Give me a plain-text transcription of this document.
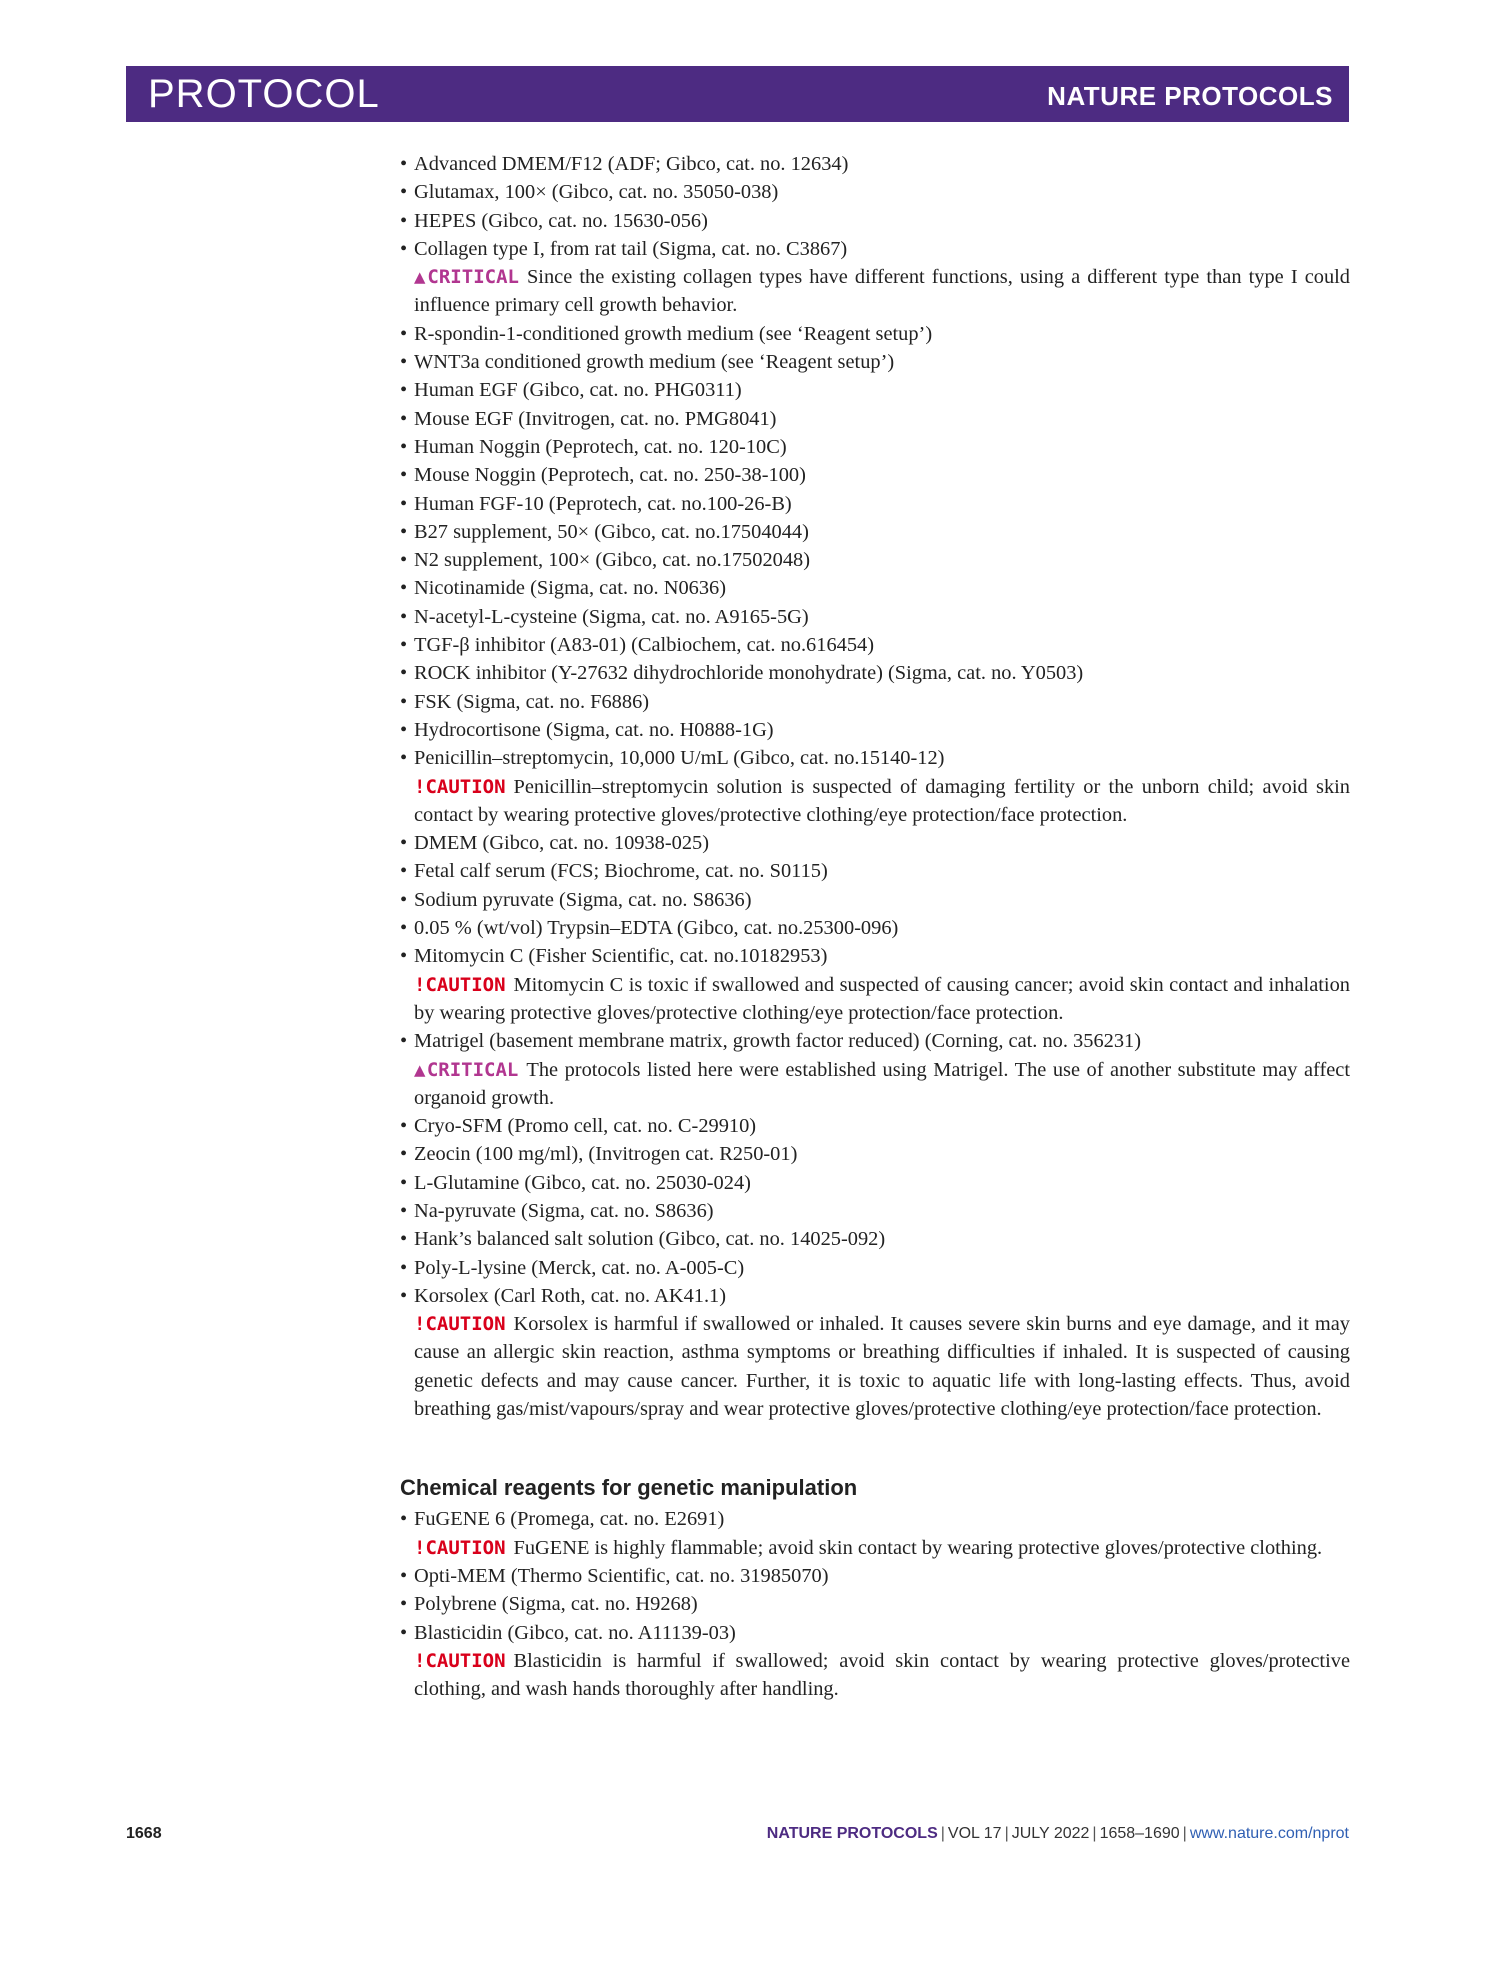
PROTOCOL	NATURE PROTOCOLS
• Advanced DMEM/F12 (ADF; Gibco, cat. no. 12634)
• Glutamax, 100× (Gibco, cat. no. 35050-038)
• HEPES (Gibco, cat. no. 15630-056)
• Collagen type I, from rat tail (Sigma, cat. no. C3867)
▲CRITICAL Since the existing collagen types have different functions, using a different type than type I could influence primary cell growth behavior.
• R-spondin-1-conditioned growth medium (see ‘Reagent setup’)
• WNT3a conditioned growth medium (see ‘Reagent setup’)
• Human EGF (Gibco, cat. no. PHG0311)
• Mouse EGF (Invitrogen, cat. no. PMG8041)
• Human Noggin (Peprotech, cat. no. 120-10C)
• Mouse Noggin (Peprotech, cat. no. 250-38-100)
• Human FGF-10 (Peprotech, cat. no.100-26-B)
• B27 supplement, 50× (Gibco, cat. no.17504044)
• N2 supplement, 100× (Gibco, cat. no.17502048)
• Nicotinamide (Sigma, cat. no. N0636)
• N-acetyl-L-cysteine (Sigma, cat. no. A9165-5G)
• TGF-β inhibitor (A83-01) (Calbiochem, cat. no.616454)
• ROCK inhibitor (Y-27632 dihydrochloride monohydrate) (Sigma, cat. no. Y0503)
• FSK (Sigma, cat. no. F6886)
• Hydrocortisone (Sigma, cat. no. H0888-1G)
• Penicillin–streptomycin, 10,000 U/mL (Gibco, cat. no.15140-12)
!CAUTION Penicillin–streptomycin solution is suspected of damaging fertility or the unborn child; avoid skin contact by wearing protective gloves/protective clothing/eye protection/face protection.
• DMEM (Gibco, cat. no. 10938-025)
• Fetal calf serum (FCS; Biochrome, cat. no. S0115)
• Sodium pyruvate (Sigma, cat. no. S8636)
• 0.05 % (wt/vol) Trypsin–EDTA (Gibco, cat. no.25300-096)
• Mitomycin C (Fisher Scientific, cat. no.10182953)
!CAUTION Mitomycin C is toxic if swallowed and suspected of causing cancer; avoid skin contact and inhalation by wearing protective gloves/protective clothing/eye protection/face protection.
• Matrigel (basement membrane matrix, growth factor reduced) (Corning, cat. no. 356231)
▲CRITICAL The protocols listed here were established using Matrigel. The use of another substitute may affect organoid growth.
• Cryo-SFM (Promo cell, cat. no. C-29910)
• Zeocin (100 mg/ml), (Invitrogen cat. R250-01)
• L-Glutamine (Gibco, cat. no. 25030-024)
• Na-pyruvate (Sigma, cat. no. S8636)
• Hank’s balanced salt solution (Gibco, cat. no. 14025-092)
• Poly-L-lysine (Merck, cat. no. A-005-C)
• Korsolex (Carl Roth, cat. no. AK41.1)
!CAUTION Korsolex is harmful if swallowed or inhaled. It causes severe skin burns and eye damage, and it may cause an allergic skin reaction, asthma symptoms or breathing difficulties if inhaled. It is suspected of causing genetic defects and may cause cancer. Further, it is toxic to aquatic life with long-lasting effects. Thus, avoid breathing gas/mist/vapours/spray and wear protective gloves/protective clothing/eye protection/face protection.
Chemical reagents for genetic manipulation
• FuGENE 6 (Promega, cat. no. E2691)
!CAUTION FuGENE is highly flammable; avoid skin contact by wearing protective gloves/protective clothing.
• Opti-MEM (Thermo Scientific, cat. no. 31985070)
• Polybrene (Sigma, cat. no. H9268)
• Blasticidin (Gibco, cat. no. A11139-03)
!CAUTION Blasticidin is harmful if swallowed; avoid skin contact by wearing protective gloves/protective clothing, and wash hands thoroughly after handling.
1668	NATURE PROTOCOLS | VOL 17 | JULY 2022 | 1658–1690 | www.nature.com/nprot
